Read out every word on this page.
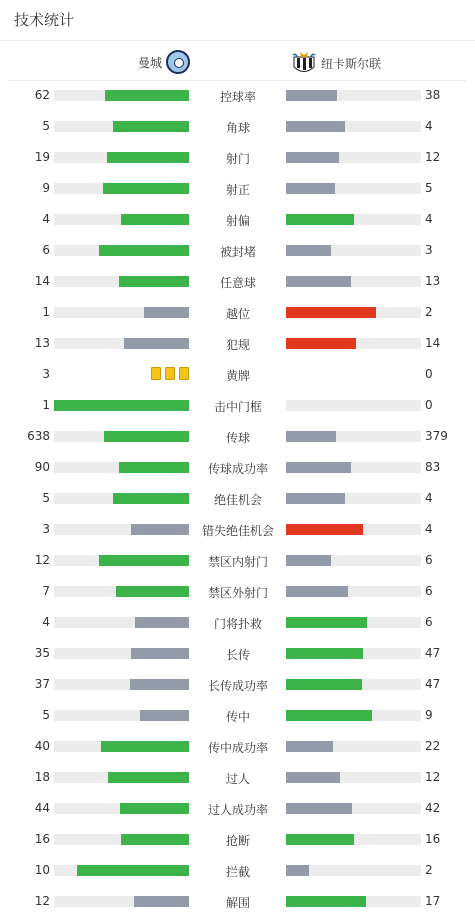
技术统计
曼城	纽卡斯尔联
62	控球率	38
5	角球	4
19	射门	12
9	射正	5
4	射偏	4
6	被封堵	3
14	任意球	13
1	越位	2
13	犯规	14
3	黄牌	0
1	击中门框	0
638	传球	379
90	传球成功率	83
5	绝佳机会	4
3	错失绝佳机会	4
12	禁区内射门	6
7	禁区外射门	6
4	门将扑救	6
35	长传	47
37	长传成功率	47
5	传中	9
40	传中成功率	22
18	过人	12
44	过人成功率	42
16	抢断	16
10	拦截	2
12	解围	17
